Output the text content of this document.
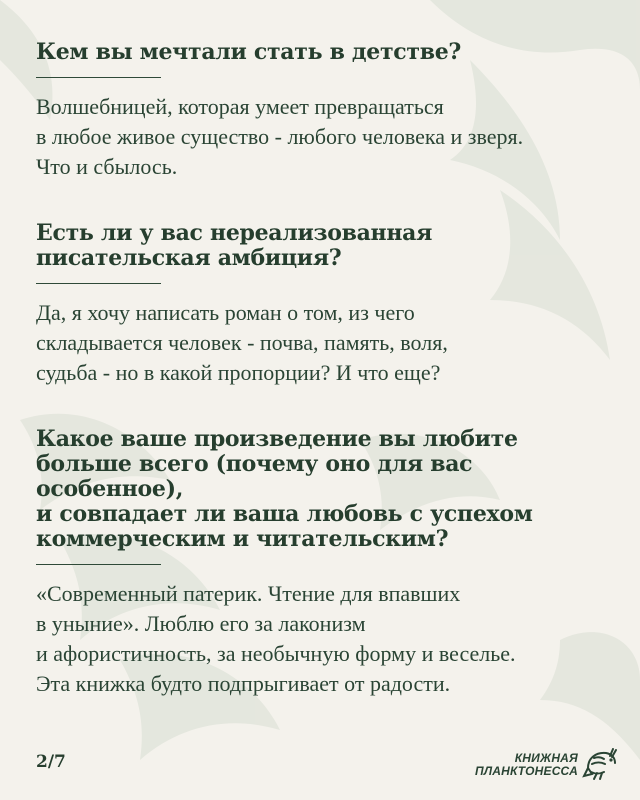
Кем вы мечтали стать в детстве?

Волшебницей, которая умеет превращаться
в любое живое существо - любого человека и зверя.
Что и сбылось.

Есть ли у вас нереализованная
писательская амбиция?

Да, я хочу написать роман о том, из чего
складывается человек - почва, память, воля,
судьба - но в какой пропорции? И что еще?

Какое ваше произведение вы любите
больше всего (почему оно для вас особенное),
и совпадает ли ваша любовь с успехом
коммерческим и читательским?

«Современный патерик. Чтение для впавших
в уныние». Люблю его за лаконизм
и афористичность, за необычную форму и веселье.
Эта книжка будто подпрыгивает от радости.

2/7	КНИЖНАЯ
ПЛАНКТОНЕССА
